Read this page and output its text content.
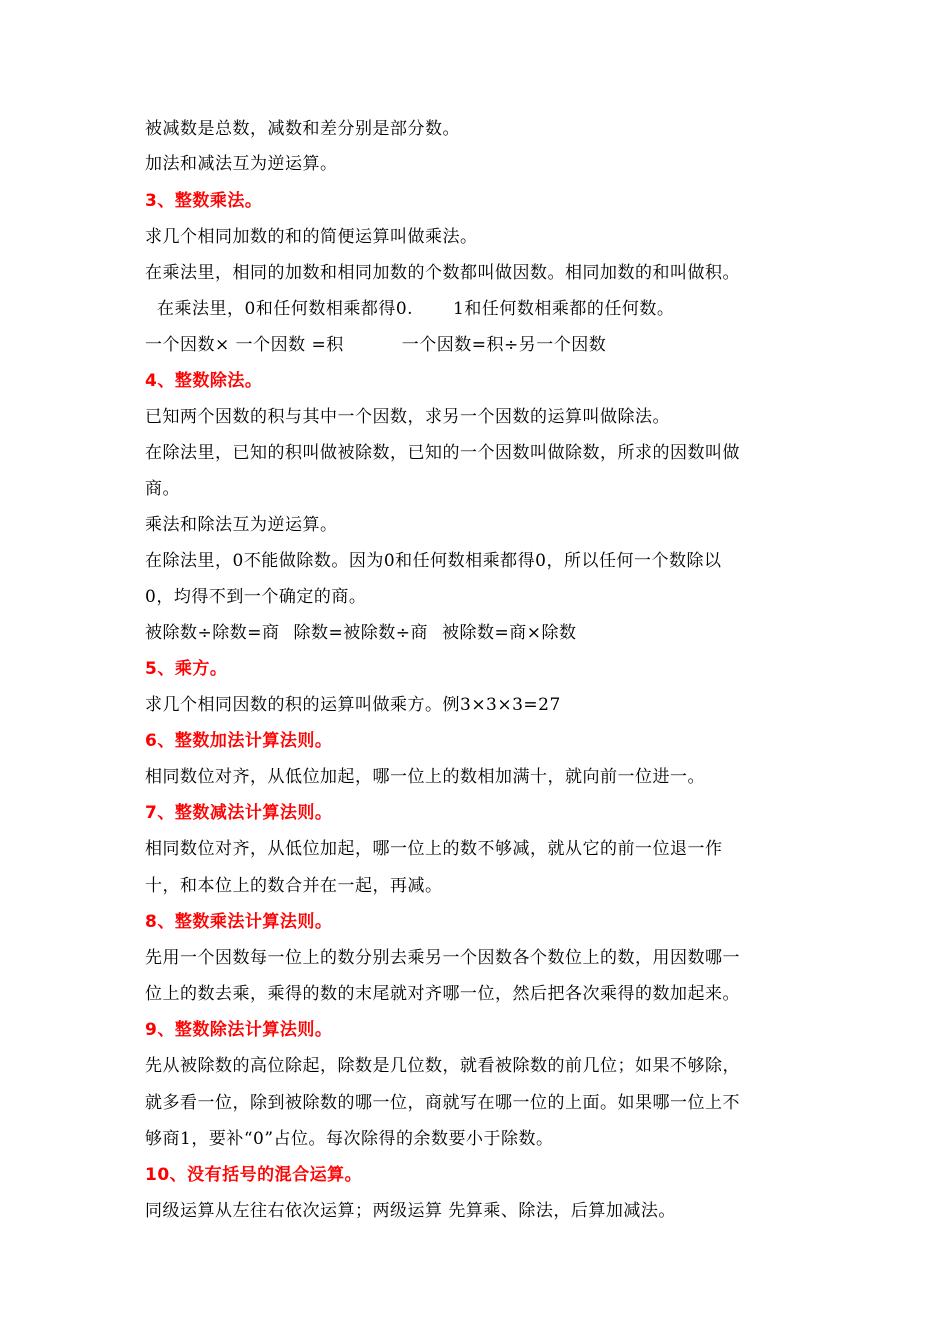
被减数是总数，减数和差分别是部分数。
加法和减法互为逆运算。
3、整数乘法。
求几个相同加数的和的简便运算叫做乘法。
在乘法里，相同的加数和相同加数的个数都叫做因数。相同加数的和叫做积。
在乘法里，0和任何数相乘都得0. 1和任何数相乘都的任何数。
一个因数× 一个因数 =积	一个因数=积÷另一个因数
4、整数除法。
已知两个因数的积与其中一个因数，求另一个因数的运算叫做除法。
在除法里，已知的积叫做被除数，已知的一个因数叫做除数，所求的因数叫做
商。
乘法和除法互为逆运算。
在除法里，0不能做除数。因为0和任何数相乘都得0，所以任何一个数除以
0，均得不到一个确定的商。
被除数÷除数=商 除数=被除数÷商 被除数=商×除数
5、乘方。
求几个相同因数的积的运算叫做乘方。例3×3×3=27
6、整数加法计算法则。
相同数位对齐，从低位加起，哪一位上的数相加满十，就向前一位进一。
7、整数减法计算法则。
相同数位对齐，从低位加起，哪一位上的数不够减，就从它的前一位退一作
十，和本位上的数合并在一起，再减。
8、整数乘法计算法则。
先用一个因数每一位上的数分别去乘另一个因数各个数位上的数，用因数哪一
位上的数去乘，乘得的数的末尾就对齐哪一位，然后把各次乘得的数加起来。
9、整数除法计算法则。
先从被除数的高位除起，除数是几位数，就看被除数的前几位；如果不够除，
就多看一位，除到被除数的哪一位，商就写在哪一位的上面。如果哪一位上不
够商1，要补“0”占位。每次除得的余数要小于除数。
10、没有括号的混合运算。
同级运算从左往右依次运算；两级运算 先算乘、除法，后算加减法。
